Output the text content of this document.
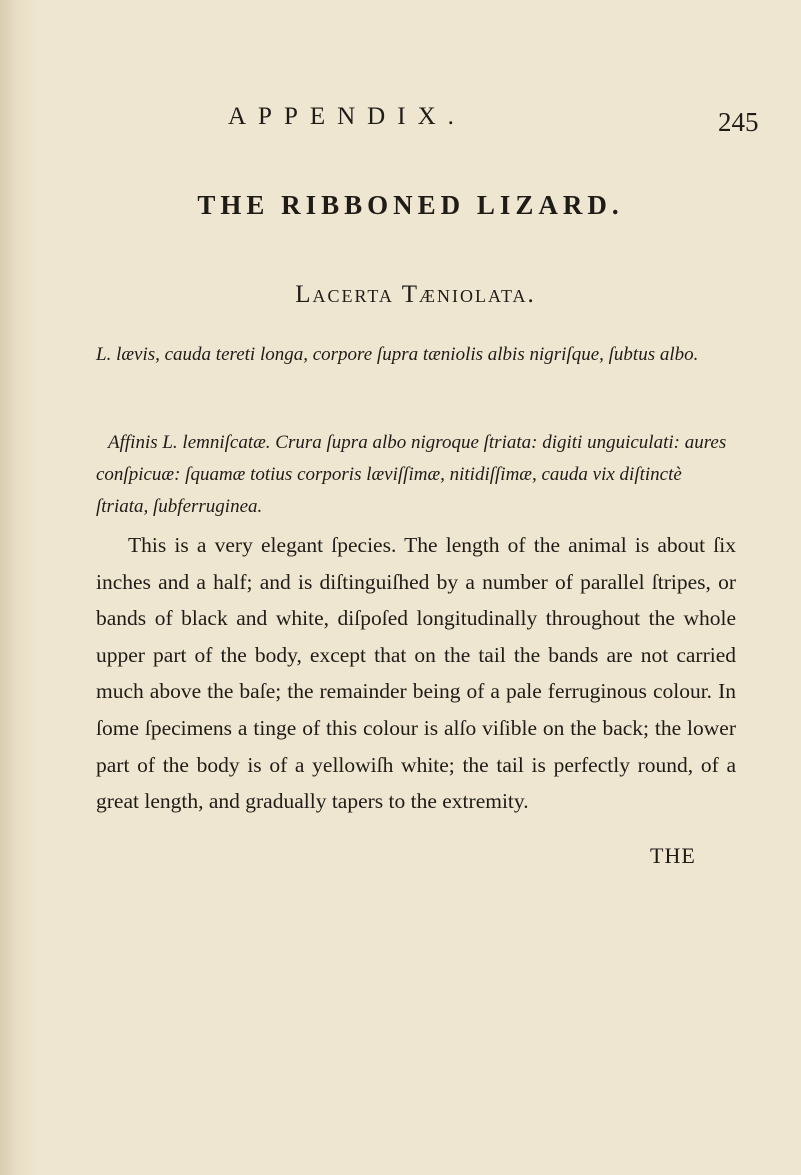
APPENDIX.	245
THE RIBBONED LIZARD.
Lacerta Tæniolata.

L. lævis, cauda tereti longa, corpore ſupra tæniolis albis nigriſque, ſubtus albo.

Affinis L. lemniſcatæ. Crura ſupra albo nigroque ſtriata: digiti unguiculati: aures conſpicuæ: ſquamæ totius corporis læviſſimæ, nitidiſſimæ, cauda vix diſtinctè ſtriata, ſubferruginea.

This is a very elegant ſpecies. The length of the animal is about ſix inches and a half; and is diſtinguiſhed by a number of parallel ſtripes, or bands of black and white, diſpoſed longitudinally throughout the whole upper part of the body, except that on the tail the bands are not carried much above the baſe; the remainder being of a pale ferruginous colour. In ſome ſpecimens a tinge of this colour is alſo viſible on the back; the lower part of the body is of a yellowiſh white; the tail is perfectly round, of a great length, and gradually tapers to the extremity.

THE
